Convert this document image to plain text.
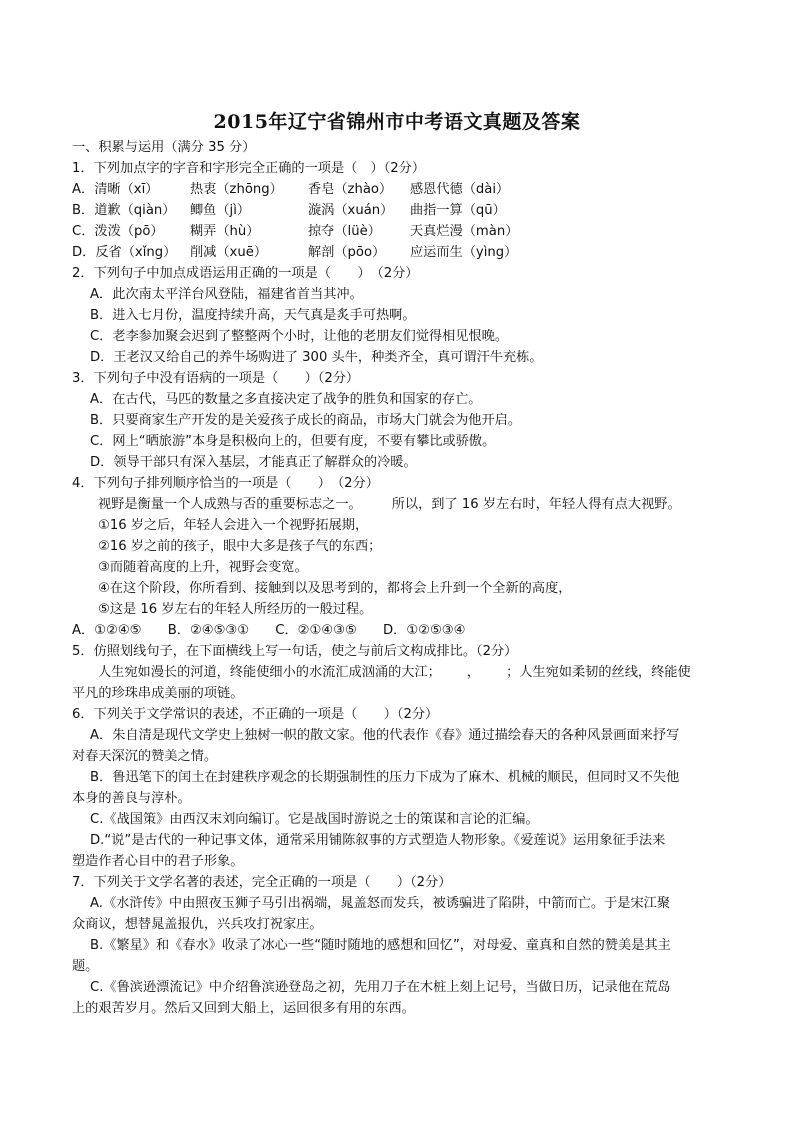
2015年辽宁省锦州市中考语文真题及答案
一、积累与运用（满分 35 分）
1．下列加点字的字音和字形完全正确的一项是（　）（2分）
A．清晰（xī） 热衷（zhōng） 香皂（zhào） 感恩代德（dài）
B．道歉（qiàn） 鲫鱼（jì）	漩涡（xuán） 曲指一算（qū）
C．泼泼（pō） 糊弄（hù）	掠夺（lüè） 天真烂漫（màn）
D．反省（xǐng） 削减（xuē）	解剖（pōo） 应运而生（yìng）
2．下列句子中加点成语运用正确的一项是（　　）　（2分）
A．此次南太平洋台风登陆，福建省首当其冲。
B．进入七月份，温度持续升高，天气真是炙手可热啊。
C．老李参加聚会迟到了整整两个小时，让他的老朋友们觉得相见恨晚。
D．王老汉又给自己的养牛场购进了 300 头牛，种类齐全，真可谓汗牛充栋。
3．下列句子中没有语病的一项是（　　）（2分）
A．在古代，马匹的数量之多直接决定了战争的胜负和国家的存亡。
B．只要商家生产开发的是关爱孩子成长的商品，市场大门就会为他开启。
C．网上“晒旅游”本身是积极向上的，但要有度，不要有攀比或骄傲。
D．领导干部只有深入基层，才能真正了解群众的冷暖。
4．下列句子排列顺序恰当的一项是（　　）　（2分）
视野是衡量一个人成熟与否的重要标志之一。 所以，到了 16 岁左右时，年轻人得有点大视野。
①16 岁之后，年轻人会进入一个视野拓展期，
②16 岁之前的孩子，眼中大多是孩子气的东西；
③而随着高度的上升，视野会变宽。
④在这个阶段，你所看到、接触到以及思考到的，都将会上升到一个全新的高度，
⑤这是 16 岁左右的年轻人所经历的一般过程。
A．①②④⑤ B．②④⑤③① C．②①④③⑤ D．①②⑤③④
5．仿照划线句子，在下面横线上写一句话，使之与前后文构成排比。（2分）
人生宛如漫长的河道，终能使细小的水流汇成汹涌的大江； ， ；人生宛如柔韧的丝线，终能使
平凡的珍珠串成美丽的项链。
6．下列关于文学常识的表述，不正确的一项是（　　）（2分）
A．朱自清是现代文学史上独树一帜的散文家。他的代表作《春》通过描绘春天的各种风景画面来抒写
对春天深沉的赞美之情。
B．鲁迅笔下的闰土在封建秩序观念的长期强制性的压力下成为了麻木、机械的顺民，但同时又不失他
本身的善良与淳朴。
C.《战国策》由西汉末刘向编订。它是战国时游说之士的策谋和言论的汇编。
D.“说”是古代的一种记事文体，通常采用铺陈叙事的方式塑造人物形象。《爱莲说》运用象征手法来
塑造作者心目中的君子形象。
7．下列关于文学名著的表述，完全正确的一项是（　　）（2分）
A.《水浒传》中由照夜玉狮子马引出祸端，晁盖怒而发兵，被诱骗进了陷阱，中箭而亡。于是宋江聚
众商议，想替晁盖报仇，兴兵攻打祝家庄。
B.《繁星》和《春水》收录了冰心一些“随时随地的感想和回忆”，对母爱、童真和自然的赞美是其主
题。
C.《鲁滨逊漂流记》中介绍鲁滨逊登岛之初，先用刀子在木桩上刻上记号，当做日历，记录他在荒岛
上的艰苦岁月。然后又回到大船上，运回很多有用的东西。
